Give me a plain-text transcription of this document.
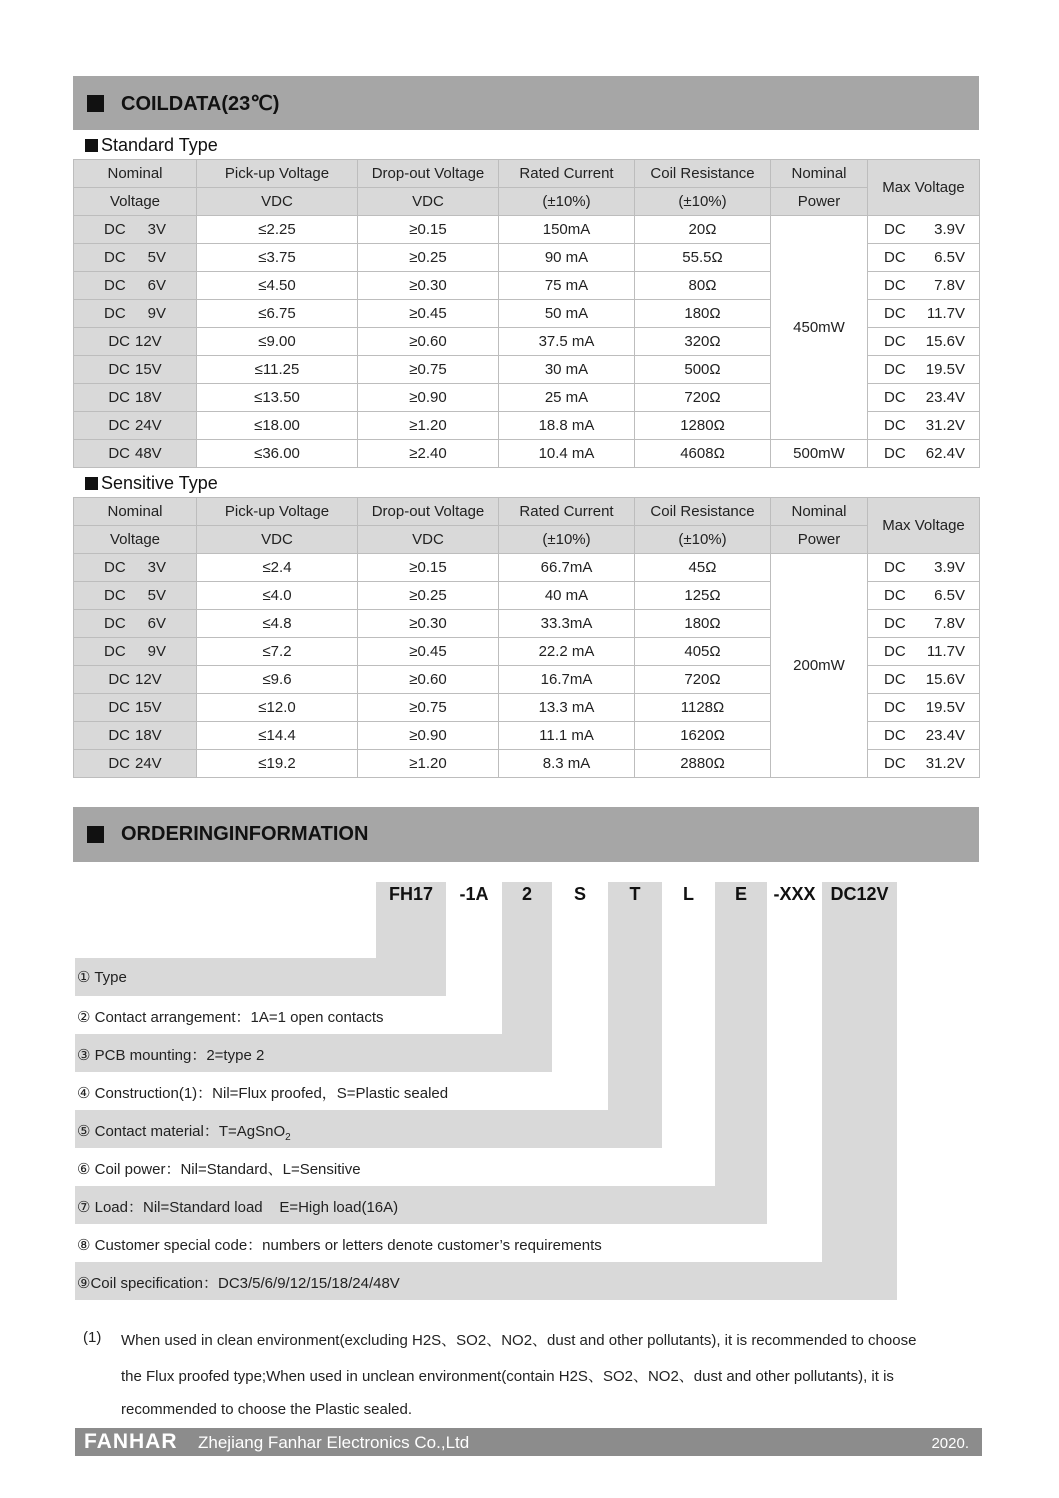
COILDATA(23℃)
Standard Type
Nominal	Pick-up Voltage	Drop-out Voltage	Rated Current	Coil Resistance	Nominal	Max Voltage
Voltage	VDC	VDC	(±10%)	(±10%)	Power	

DC 3V	≤2.25	≥0.15	150mA	20Ω	450mW	DC 3.9V

DC 5V	≤3.75	≥0.25	90 mA	55.5Ω		DC 6.5V

DC 6V	≤4.50	≥0.30	75 mA	80Ω		DC 7.8V

DC 9V	≤6.75	≥0.45	50 mA	180Ω		DC 11.7V

DC 12V	≤9.00	≥0.60	37.5 mA	320Ω		DC 15.6V

DC 15V	≤11.25	≥0.75	30 mA	500Ω		DC 19.5V

DC 18V	≤13.50	≥0.90	25 mA	720Ω		DC 23.4V

DC 24V	≤18.00	≥1.20	18.8 mA	1280Ω		DC 31.2V

DC 48V	≤36.00	≥2.40	10.4 mA	4608Ω	500mW	DC 62.4V
Sensitive Type
Nominal	Pick-up Voltage	Drop-out Voltage	Rated Current	Coil Resistance	Nominal	Max Voltage
Voltage	VDC	VDC	(±10%)	(±10%)	Power	

DC 3V	≤2.4	≥0.15	66.7mA	45Ω	200mW	DC 3.9V

DC 5V	≤4.0	≥0.25	40 mA	125Ω		DC 6.5V

DC 6V	≤4.8	≥0.30	33.3mA	180Ω		DC 7.8V

DC 9V	≤7.2	≥0.45	22.2 mA	405Ω		DC 11.7V

DC 12V	≤9.6	≥0.60	16.7mA	720Ω		DC 15.6V

DC 15V	≤12.0	≥0.75	13.3 mA	1128Ω		DC 19.5V

DC 18V	≤14.4	≥0.90	11.1 mA	1620Ω		DC 23.4V

DC 24V	≤19.2	≥1.20	8.3 mA	2880Ω		DC 31.2V
ORDERINGINFORMATION
FH17	-1A	2	S	T	L	E	-XXX DC12V
① Type
② Contact arrangement：1A=1 open contacts
③ PCB mounting：2=type 2
④ Construction(1)：Nil=Flux proofed，S=Plastic sealed
⑤ Contact material：T=AgSnO$_2$
⑥ Coil power：Nil=Standard、L=Sensitive
⑦ Load：Nil=Standard load    E=High load(16A)
⑧ Customer special code：numbers or letters denote customer’s requirements
⑨Coil specification：DC3/5/6/9/12/15/18/24/48V
(1) When used in clean environment(excluding H2S、SO2、NO2、dust and other pollutants), it is recommended to choose
the Flux proofed type;When used in unclean environment(contain H2S、SO2、NO2、dust and other pollutants), it is
recommended to choose the Plastic sealed.
FANHAR Zhejiang Fanhar Electronics Co.,Ltd	2020.
